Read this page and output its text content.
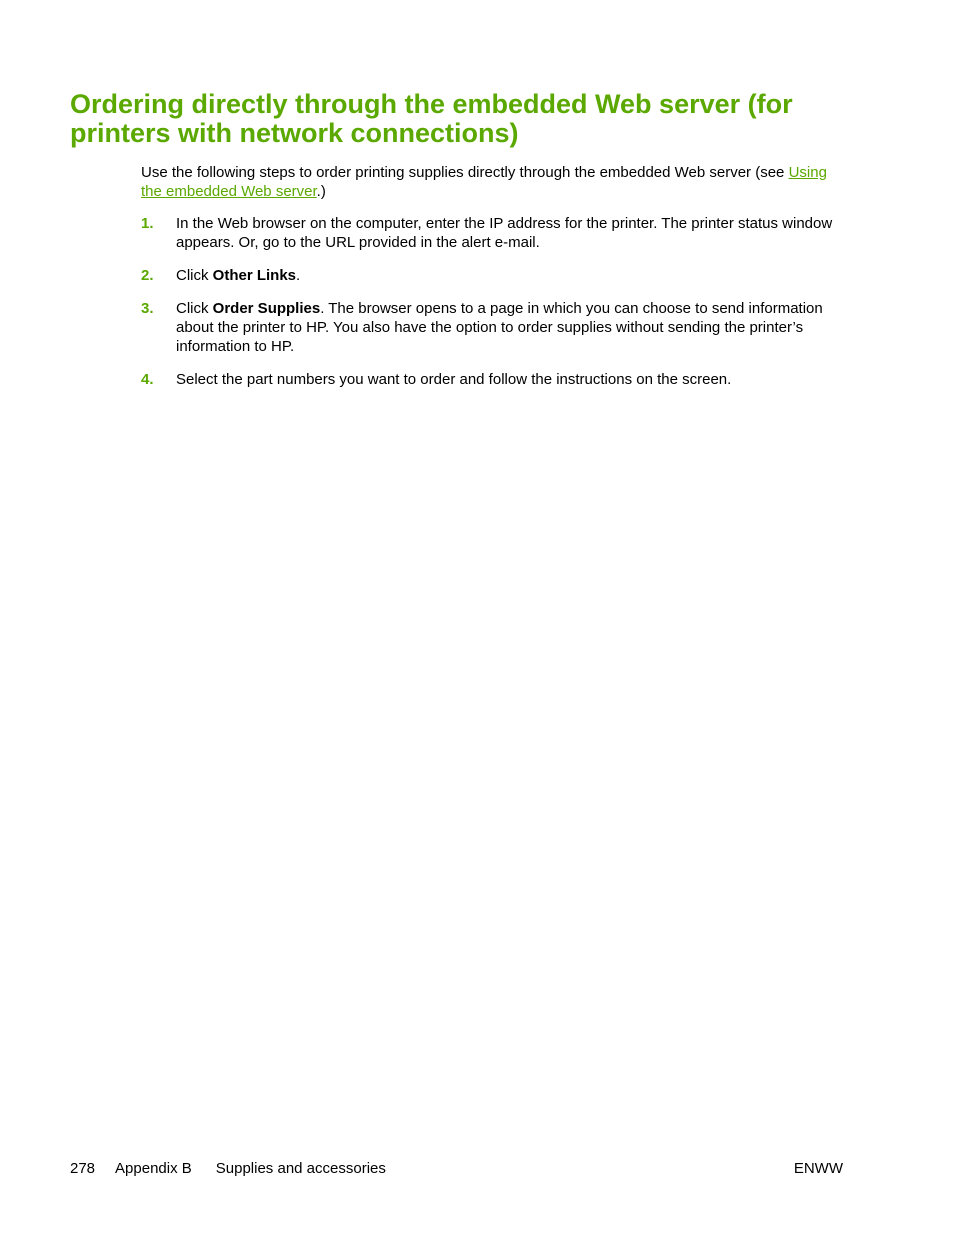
Ordering directly through the embedded Web server (for printers with network connections)

Use the following steps to order printing supplies directly through the embedded Web server (see Using the embedded Web server.)

1. In the Web browser on the computer, enter the IP address for the printer. The printer status window appears. Or, go to the URL provided in the alert e-mail.
2. Click Other Links.
3. Click Order Supplies. The browser opens to a page in which you can choose to send information about the printer to HP. You also have the option to order supplies without sending the printer’s information to HP.
4. Select the part numbers you want to order and follow the instructions on the screen.
278 Appendix B Supplies and accessories	ENWW
